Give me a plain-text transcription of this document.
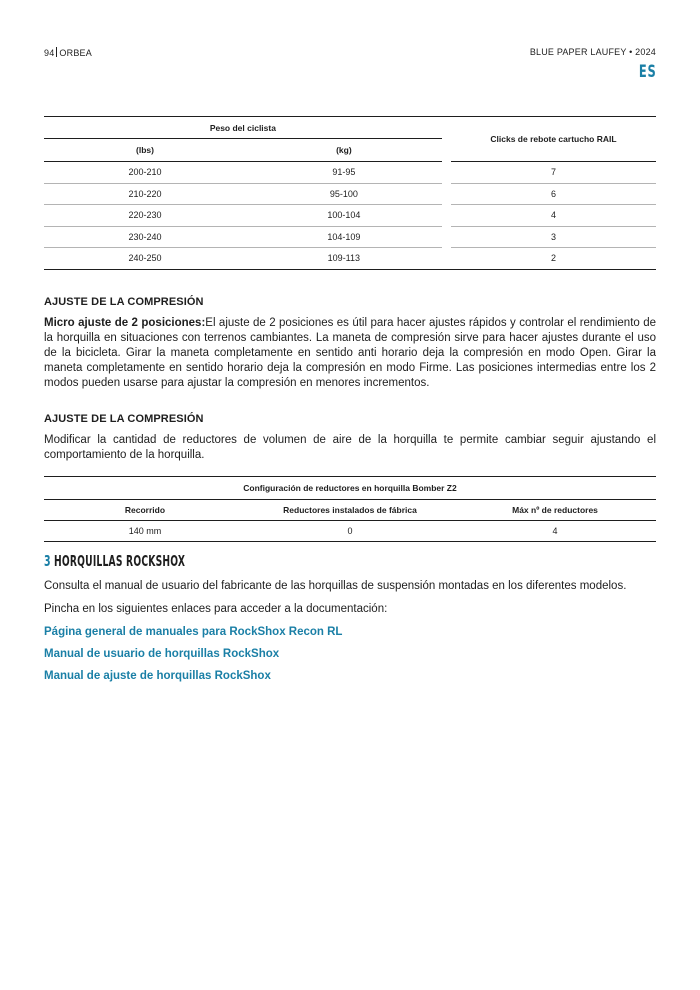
94 ORBEA	BLUE PAPER LAUFEY • 2024
ES
Peso del ciclista			Clicks de rebote cartucho RAIL
(lbs)	(kg)		
200-210	91-95		7
210-220	95-100		6
220-230	100-104		4
230-240	104-109		3
240-250	109-113		2
AJUSTE DE LA COMPRESIÓN

Micro ajuste de 2 posiciones:El ajuste de 2 posiciones es útil para hacer ajustes rápidos y controlar el rendimiento de la horquilla en situaciones con terrenos cambiantes. La maneta de compresión sirve para hacer ajustes durante el uso de la bicicleta. Girar la maneta completamente en sentido anti horario deja la compresión en modo Open. Girar la maneta completamente en sentido horario deja la compresión en modo Firme. Las posiciones intermedias entre los 2 modos pueden usarse para ajustar la compresión en menores incrementos.

AJUSTE DE LA COMPRESIÓN

Modificar la cantidad de reductores de volumen de aire de la horquilla te permite cambiar seguir ajustando el comportamiento de la horquilla.

Configuración de reductores en horquilla Bomber Z2		
Recorrido	Reductores instalados de fábrica	Máx nº de reductores
140 mm	0	4
3 HORQUILLAS ROCKSHOX

Consulta el manual de usuario del fabricante de las horquillas de suspensión montadas en los diferentes modelos.

Pincha en los siguientes enlaces para acceder a la documentación:

Página general de manuales para RockShox Recon RL
Manual de usuario de horquillas RockShox
Manual de ajuste de horquillas RockShox
